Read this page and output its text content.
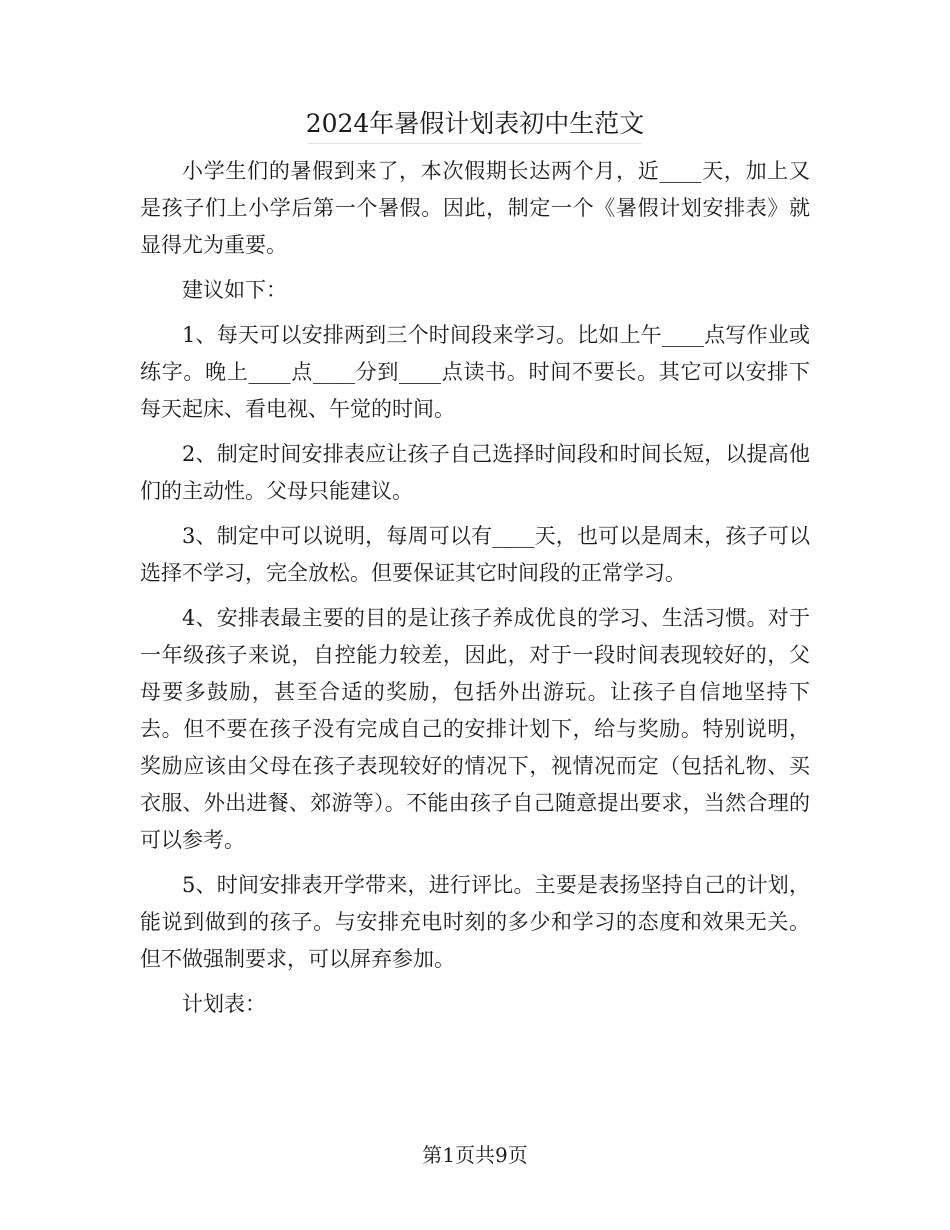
2024年暑假计划表初中生范文

小学生们的暑假到来了，本次假期长达两个月，近____天，加上又是孩子们上小学后第一个暑假。因此，制定一个《暑假计划安排表》就显得尤为重要。

建议如下：

1、每天可以安排两到三个时间段来学习。比如上午____点写作业或练字。晚上____点____分到____点读书。时间不要长。其它可以安排下每天起床、看电视、午觉的时间。

2、制定时间安排表应让孩子自己选择时间段和时间长短，以提高他们的主动性。父母只能建议。

3、制定中可以说明，每周可以有____天，也可以是周末，孩子可以选择不学习，完全放松。但要保证其它时间段的正常学习。

4、安排表最主要的目的是让孩子养成优良的学习、生活习惯。对于一年级孩子来说，自控能力较差，因此，对于一段时间表现较好的，父母要多鼓励，甚至合适的奖励，包括外出游玩。让孩子自信地坚持下去。但不要在孩子没有完成自己的安排计划下，给与奖励。特别说明，奖励应该由父母在孩子表现较好的情况下，视情况而定（包括礼物、买衣服、外出进餐、郊游等）。不能由孩子自己随意提出要求，当然合理的可以参考。

5、时间安排表开学带来，进行评比。主要是表扬坚持自己的计划，能说到做到的孩子。与安排充电时刻的多少和学习的态度和效果无关。但不做强制要求，可以屏弃参加。

计划表：

第1页共9页
